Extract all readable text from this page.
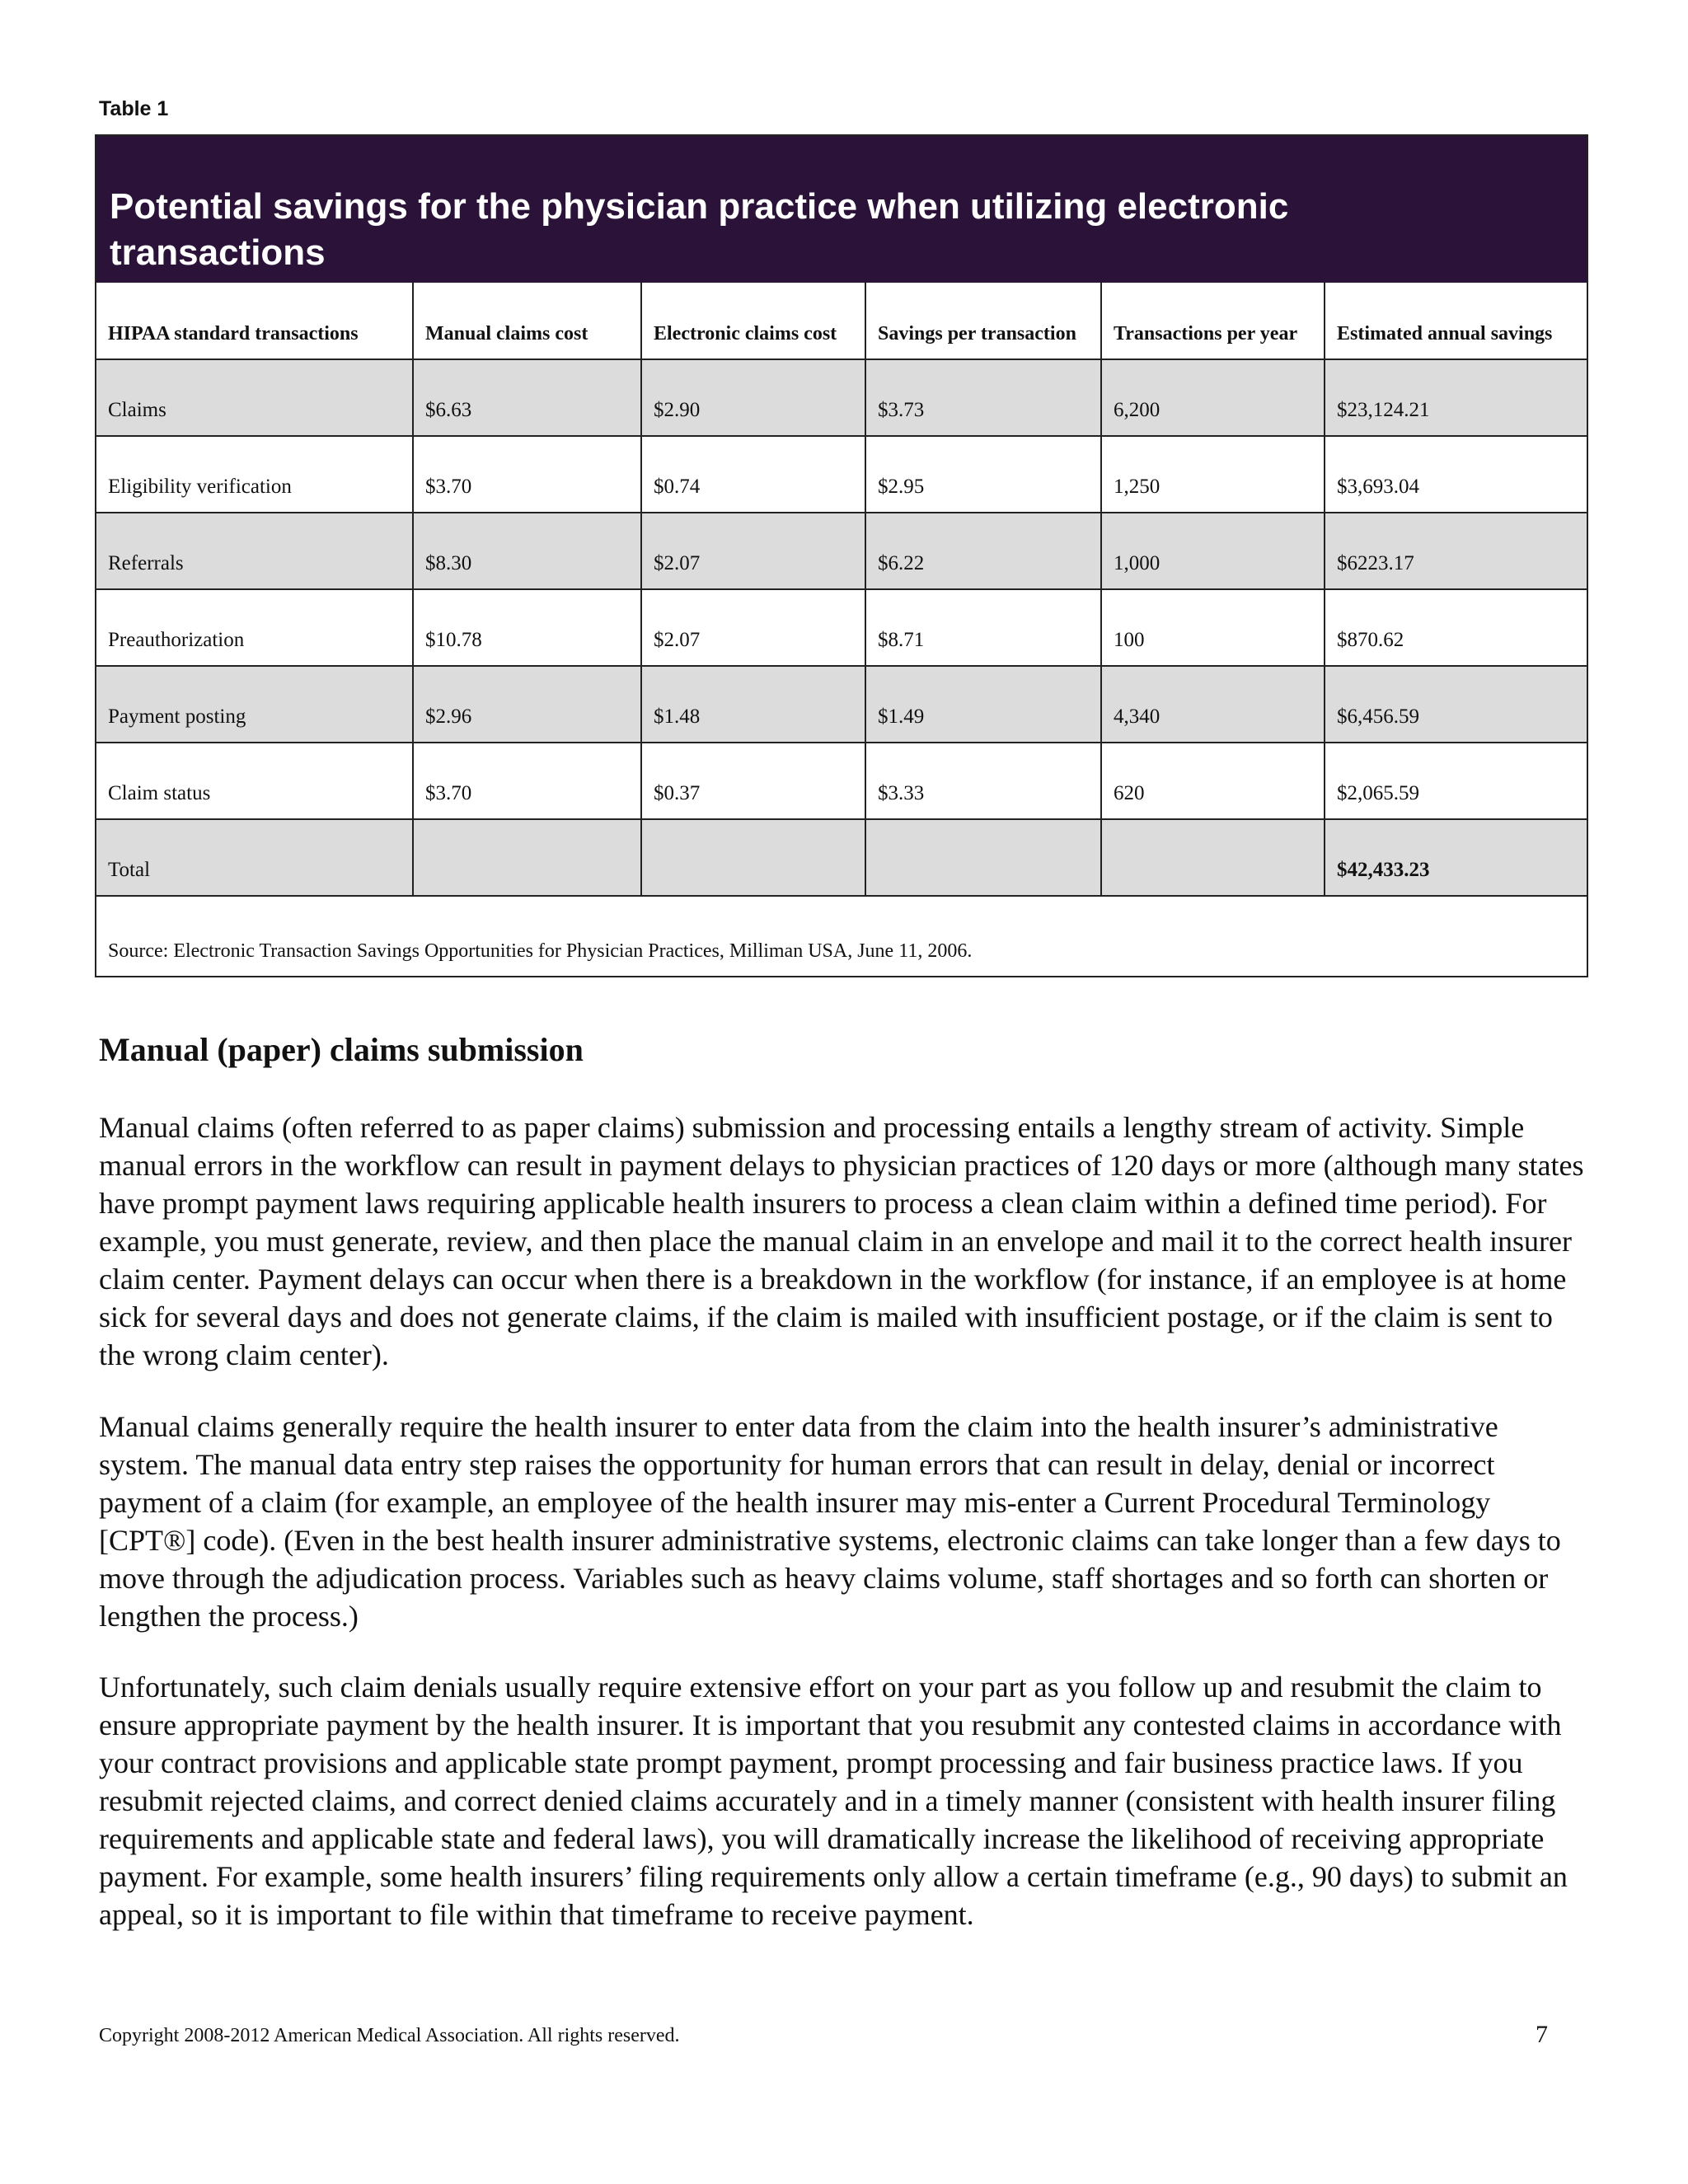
Table 1
Potential savings for the physician practice when utilizing electronic transactions
HIPAA standard transactions	Manual claims cost	Electronic claims cost	Savings per transaction	Transactions per year	Estimated annual savings
Claims	$6.63	$2.90	$3.73	6,200	$23,124.21
Eligibility verification	$3.70	$0.74	$2.95	1,250	$3,693.04
Referrals	$8.30	$2.07	$6.22	1,000	$6223.17
Preauthorization	$10.78	$2.07	$8.71	100	$870.62
Payment posting	$2.96	$1.48	$1.49	4,340	$6,456.59
Claim status	$3.70	$0.37	$3.33	620	$2,065.59
Total					$42,433.23
Source: Electronic Transaction Savings Opportunities for Physician Practices, Milliman USA, June 11, 2006.					
Manual (paper) claims submission

Manual claims (often referred to as paper claims) submission and processing entails a lengthy stream of activity. Simple manual errors in the workflow can result in payment delays to physician practices of 120 days or more (although many states have prompt payment laws requiring applicable health insurers to process a clean claim within a defined time period). For example, you must generate, review, and then place the manual claim in an envelope and mail it to the correct health insurer claim center. Payment delays can occur when there is a breakdown in the workflow (for instance, if an employee is at home sick for several days and does not generate claims, if the claim is mailed with insufficient postage, or if the claim is sent to the wrong claim center).

Manual claims generally require the health insurer to enter data from the claim into the health insurer’s administrative system. The manual data entry step raises the opportunity for human errors that can result in delay, denial or incorrect payment of a claim (for example, an employee of the health insurer may mis-enter a Current Procedural Terminology [CPT®] code). (Even in the best health insurer administrative systems, electronic claims can take longer than a few days to move through the adjudication process. Variables such as heavy claims volume, staff shortages and so forth can shorten or lengthen the process.)

Unfortunately, such claim denials usually require extensive effort on your part as you follow up and resubmit the claim to ensure appropriate payment by the health insurer. It is important that you resubmit any contested claims in accordance with your contract provisions and applicable state prompt payment, prompt processing and fair business practice laws. If you resubmit rejected claims, and correct denied claims accurately and in a timely manner (consistent with health insurer filing requirements and applicable state and federal laws), you will dramatically increase the likelihood of receiving appropriate payment. For example, some health insurers’ filing requirements only allow a certain timeframe (e.g., 90 days) to submit an appeal, so it is important to file within that timeframe to receive payment.

Copyright 2008-2012 American Medical Association. All rights reserved.	7
